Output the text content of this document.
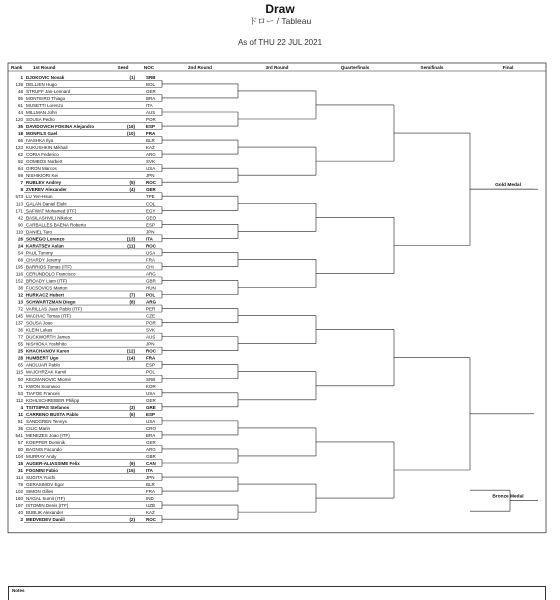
Draw
ドロー / Tableau
As of THU 22 JUL 2021
Rank 1st Round	Seed	NOC	2nd Round	3rd Round	Quarterfinals	Semifinals	Final
1 DJOKOVIC Novak	(1) SRB
139 DELLIEN Hugo	BOL
48 STRUFF Jan-Lennard	GER
95 MONTEIRO Thiago	BRA
61 MUSETTI Lorenzo	ITA
44 MILLMAN John	AUS
120 SOUSA Pedro	POR
35 DAVIDOVICH FOKINA Alejandro	(16) ESP
18 MONFILS Gael	(10) FRA
66 IVASHKA Ilya	BLR
123 KUKUSHKIN Mikhail	KAZ
62 CORIA Federico	ARG
92 GOMBOS Norbert	SVK
64 GIRON Marcos	USA
69 NISHIKIORI Kei	JPN
7 RUBLEV Andrey	(5) ROC
5 ZVEREV Alexander	(4) GER
573 LU Yen-Hsun	TPE
113 GALAN Daniel Elahi	COL
171 SAFWAT Mohamed (ITF)	EGY
42 BASILASHVILI Nikoloz	GEO
90 CARBALLES BAENA Roberto	ESP
110 DANIEL Taro	JPN
26 SONEGO Lorenzo	(13) ITA
24 KARATSEV Aslan	(11) ROC
54 PAUL Tommy	USA
68 CHARDY Jeremy	FRA
195 BARRIOS Tomas (ITF)	CHI
116 CERUNDOLO Francisco	ARG
152 BROADY Liam (ITF)	GBR
38 FUCSOVICS Marton	HUN
12 HURKACZ Hubert	(7) POL
13 SCHWARTZMAN Diego	(8) ARG
72 VARILLAS Juan Pablo (ITF)	PER
145 MACHAC Tomas (ITF)	CZE
137 SOUSA Joao	POR
36 KLEIN Lukas	SVK
77 DUCKWORTH James	AUS
55 NISHIOKA Yoshihito	JPN
25 KHACHANOV Karen	(12) ROC
28 HUMBERT Ugo	(14) FRA
65 ANDUJAR Pablo	ESP
115 MAJCHRZAK Kamil	POL
50 KECMANOVIC Miomir	SRB
71 KWON Soonwoo	KOR
53 TIAFOE Frances	USA
112 KOHLSCHREIBER Philipp	GER
4 TSITSIPAS Stefanos	(3) GRE
11 CARRENO BUSTA Pablo	(6) ESP
81 SANDGREN Tennys	USA
36 CILIC Marin	CRO
541 MENEZES Joao (ITF)	BRA
57 KOEPFER Dominik	GER
80 BAGNIS Facundo	ARG
104 MURRAY Andy	GBR
15 AUGER-ALIASSIME Felix	(9) CAN
31 FOGNINI Fabio	(15) ITA
114 SUGITA Yuichi	JPN
79 GERASIMOV Egor	BLR
102 SIMON Gilles	FRA
160 NAGAL Sumit (ITF)	IND
197 ISTOMIN Denis (ITF)	UZB
40 BUBLIK Alexander	KAZ
2 MEDVEDEV Daniil	(2) ROC
Gold Medal
Bronze Medal
Notes
